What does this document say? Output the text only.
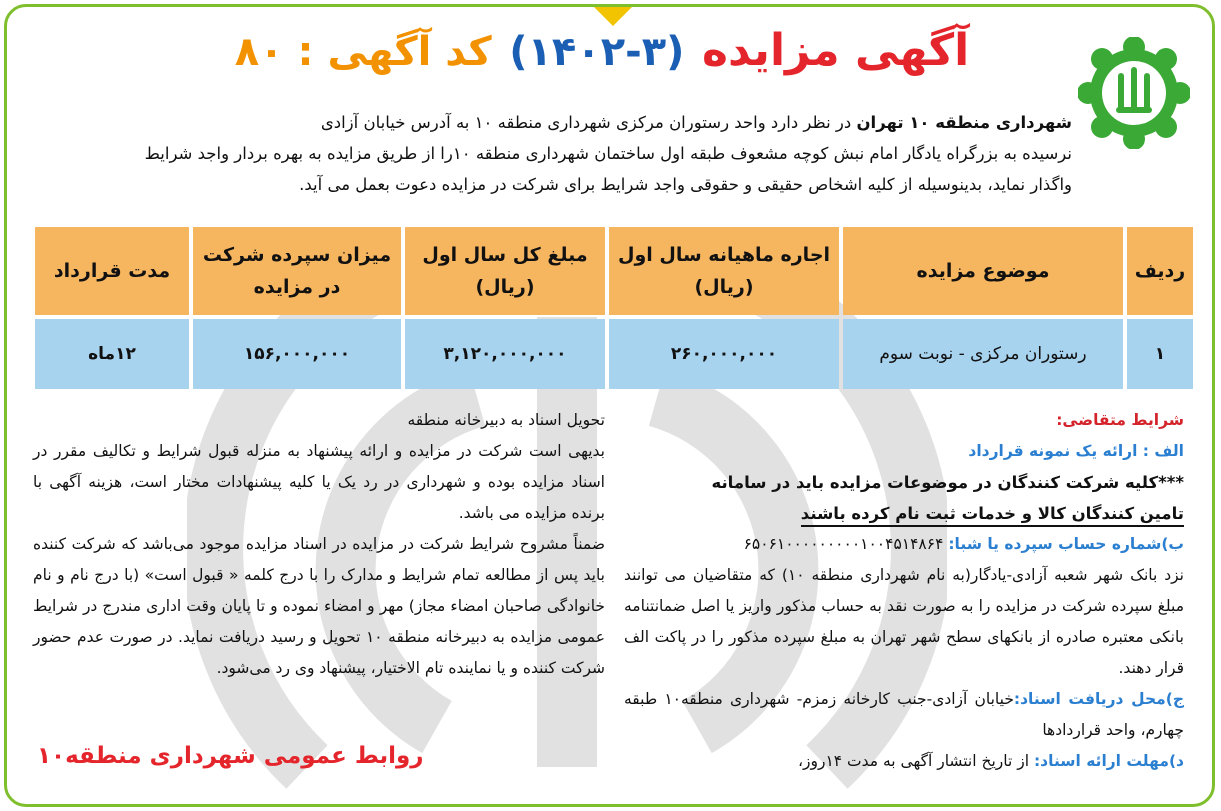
آگهی مزایده (۳-۱۴۰۲) کد آگهی : ۸۰
شهرداری منطقه ۱۰ تهران در نظر دارد واحد رستوران مرکزی شهرداری منطقه ۱۰ به آدرس خیابان آزادی
نرسیده به بزرگراه یادگار امام نبش کوچه مشعوف طبقه اول ساختمان شهرداری منطقه ۱۰را از طریق مزایده به بهره بردار واجد شرایط
واگذار نماید، بدینوسیله از کلیه اشخاص حقیقی و حقوقی واجد شرایط برای شرکت در مزایده دعوت بعمل می آید.
ردیف	موضوع مزایده	اجاره ماهیانه سال اول (ریال)	مبلغ کل سال اول (ریال)	میزان سپرده شرکت در مزایده	مدت قرارداد
۱	رستوران مرکزی - نوبت سوم	۲۶۰,۰۰۰,۰۰۰	۳,۱۲۰,۰۰۰,۰۰۰	۱۵۶,۰۰۰,۰۰۰	۱۲ماه

شرایط متقاضی:

الف : ارائه یک نمونه قرارداد

***کلیه شرکت کنندگان در موضوعات مزایده باید در سامانه

تامین کنندگان کالا و خدمات ثبت نام کرده باشند

ب)شماره حساب سپرده یا شبا: ۶۵۰۶۱۰۰۰۰۰۰۰۰۰۱۰۰۴۵۱۴۸۶۴

نزد بانک شهر شعبه آزادی-یادگار(به نام شهرداری منطقه ۱۰) که متقاضیان می توانند مبلغ سپرده شرکت در مزایده را به صورت نقد به حساب مذکور واریز یا اصل ضمانتنامه بانکی معتبره صادره از بانکهای سطح شهر تهران به مبلغ سپرده مذکور را در پاکت الف قرار دهند.

ج)محل دریافت اسناد:خیابان آزادی-جنب کارخانه زمزم- شهرداری منطقه۱۰ طبقه چهارم، واحد قراردادها

د)مهلت ارائه اسناد: از تاریخ انتشار آگهی به مدت ۱۴روز،

تحویل اسناد به دبیرخانه منطقه

بدیهی است شرکت در مزایده و ارائه پیشنهاد به منزله قبول شرایط و تکالیف مقرر در اسناد مزایده بوده و شهرداری در رد یک یا کلیه پیشنهادات مختار است، هزینه آگهی با برنده مزایده می باشد.

ضمناً مشروح شرایط شرکت در مزایده در اسناد مزایده موجود می‌باشد که شرکت کننده باید پس از مطالعه تمام شرایط و مدارک را با درج کلمه « قبول است» (با درج نام و نام خانوادگی صاحبان امضاء مجاز) مهر و امضاء نموده و تا پایان وقت اداری مندرج در شرایط عمومی مزایده به دبیرخانه منطقه ۱۰ تحویل و رسید دریافت نماید. در صورت عدم حضور شرکت کننده و یا نماینده تام الاختیار، پیشنهاد وی رد می‌شود.

روابط عمومی شهرداری منطقه۱۰
